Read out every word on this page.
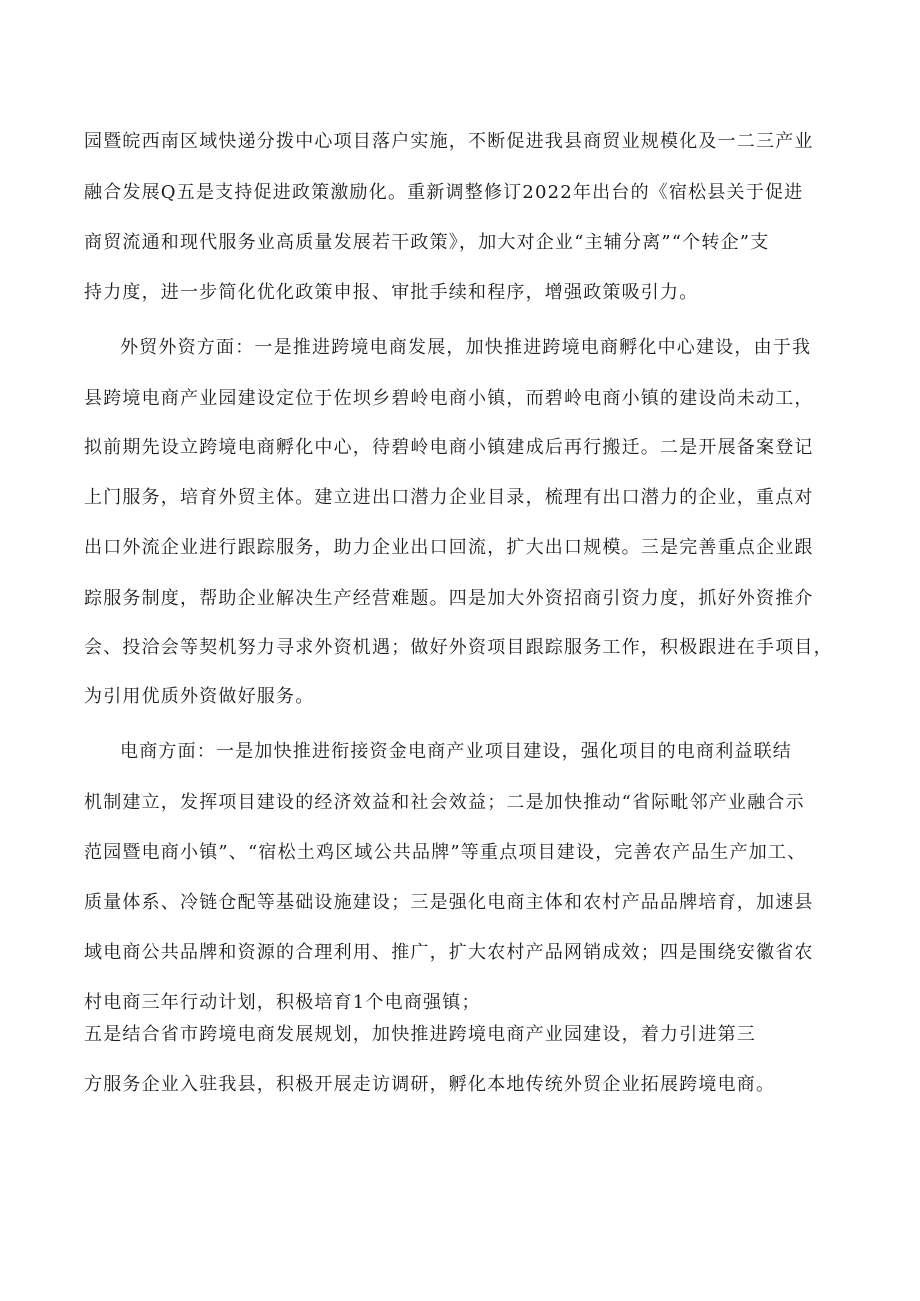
园暨皖西南区域快递分拨中心项目落户实施，不断促进我县商贸业规模化及一二三产业
融合发展Q五是支持促进政策激励化。重新调整修订2022年出台的《宿松县关于促进
商贸流通和现代服务业高质量发展若干政策》，加大对企业“主辅分离”“个转企”支
持力度，进一步简化优化政策申报、审批手续和程序，增强政策吸引力。
外贸外资方面：一是推进跨境电商发展，加快推进跨境电商孵化中心建设，由于我
县跨境电商产业园建设定位于佐坝乡碧岭电商小镇，而碧岭电商小镇的建设尚未动工，
拟前期先设立跨境电商孵化中心，待碧岭电商小镇建成后再行搬迁。二是开展备案登记
上门服务，培育外贸主体。建立进出口潜力企业目录，梳理有出口潜力的企业，重点对
出口外流企业进行跟踪服务，助力企业出口回流，扩大出口规模。三是完善重点企业跟
踪服务制度，帮助企业解决生产经营难题。四是加大外资招商引资力度，抓好外资推介
会、投洽会等契机努力寻求外资机遇；做好外资项目跟踪服务工作，积极跟进在手项目，
为引用优质外资做好服务。
电商方面：一是加快推进衔接资金电商产业项目建设，强化项目的电商利益联结
机制建立，发挥项目建设的经济效益和社会效益；二是加快推动“省际毗邻产业融合示
范园暨电商小镇”、“宿松土鸡区域公共品牌”等重点项目建设，完善农产品生产加工、
质量体系、冷链仓配等基础设施建设；三是强化电商主体和农村产品品牌培育，加速县
域电商公共品牌和资源的合理利用、推广，扩大农村产品网销成效；四是围绕安徽省农
村电商三年行动计划，积极培育1个电商强镇；
五是结合省市跨境电商发展规划，加快推进跨境电商产业园建设，着力引进第三
方服务企业入驻我县，积极开展走访调研，孵化本地传统外贸企业拓展跨境电商。
